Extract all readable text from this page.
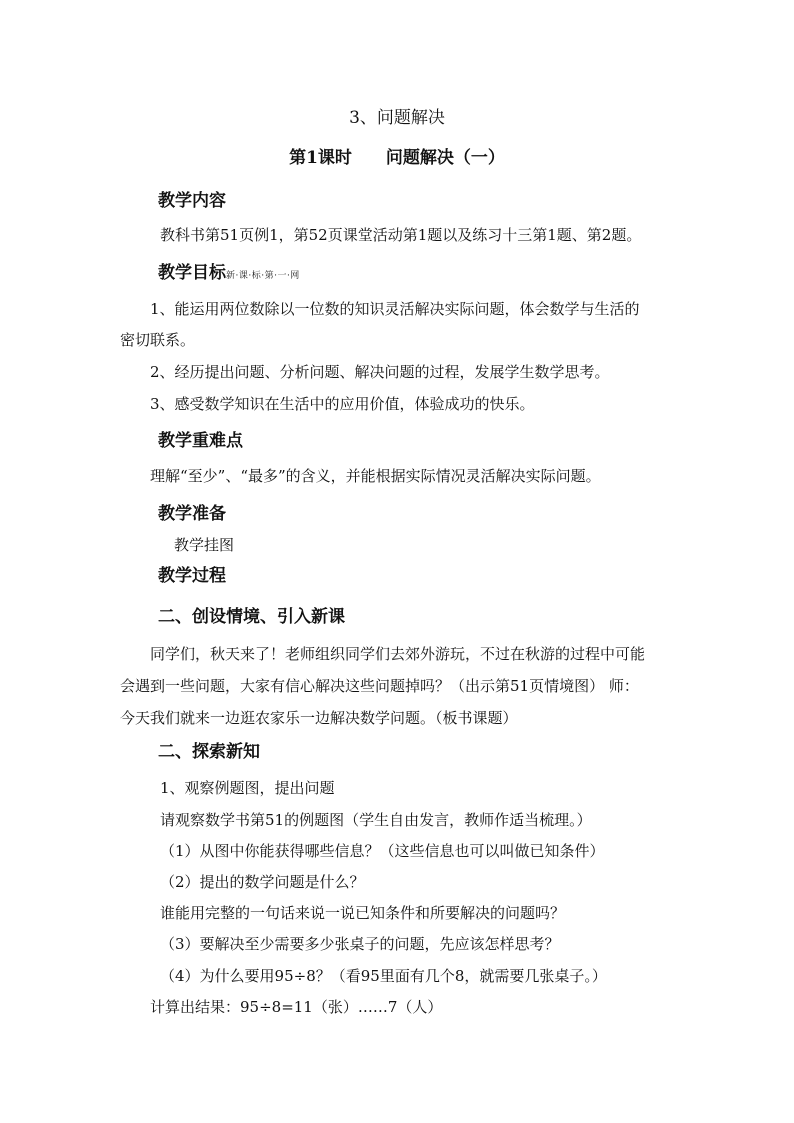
3、问题解决
第1课时　　问题解决（一）
教学内容
教科书第51页例1，第52页课堂活动第1题以及练习十三第1题、第2题。
教学目标新·课·标·第·一·网
1、能运用两位数除以一位数的知识灵活解决实际问题，体会数学与生活的
密切联系。
2、经历提出问题、分析问题、解决问题的过程，发展学生数学思考。
3、感受数学知识在生活中的应用价值，体验成功的快乐。
教学重难点
理解“至少”、“最多”的含义，并能根据实际情况灵活解决实际问题。
教学准备
教学挂图
教学过程
二、创设情境、引入新课
同学们，秋天来了！老师组织同学们去郊外游玩，不过在秋游的过程中可能
会遇到一些问题，大家有信心解决这些问题掉吗？（出示第51页情境图） 师：
今天我们就来一边逛农家乐一边解决数学问题。（板书课题）
二、探索新知
1、观察例题图，提出问题
请观察数学书第51的例题图（学生自由发言，教师作适当梳理。）
（1）从图中你能获得哪些信息？（这些信息也可以叫做已知条件）
（2）提出的数学问题是什么？
谁能用完整的一句话来说一说已知条件和所要解决的问题吗？
（3）要解决至少需要多少张桌子的问题，先应该怎样思考？
（4）为什么要用95÷8？（看95里面有几个8，就需要几张桌子。）
计算出结果：95÷8=11（张）……7（人）
